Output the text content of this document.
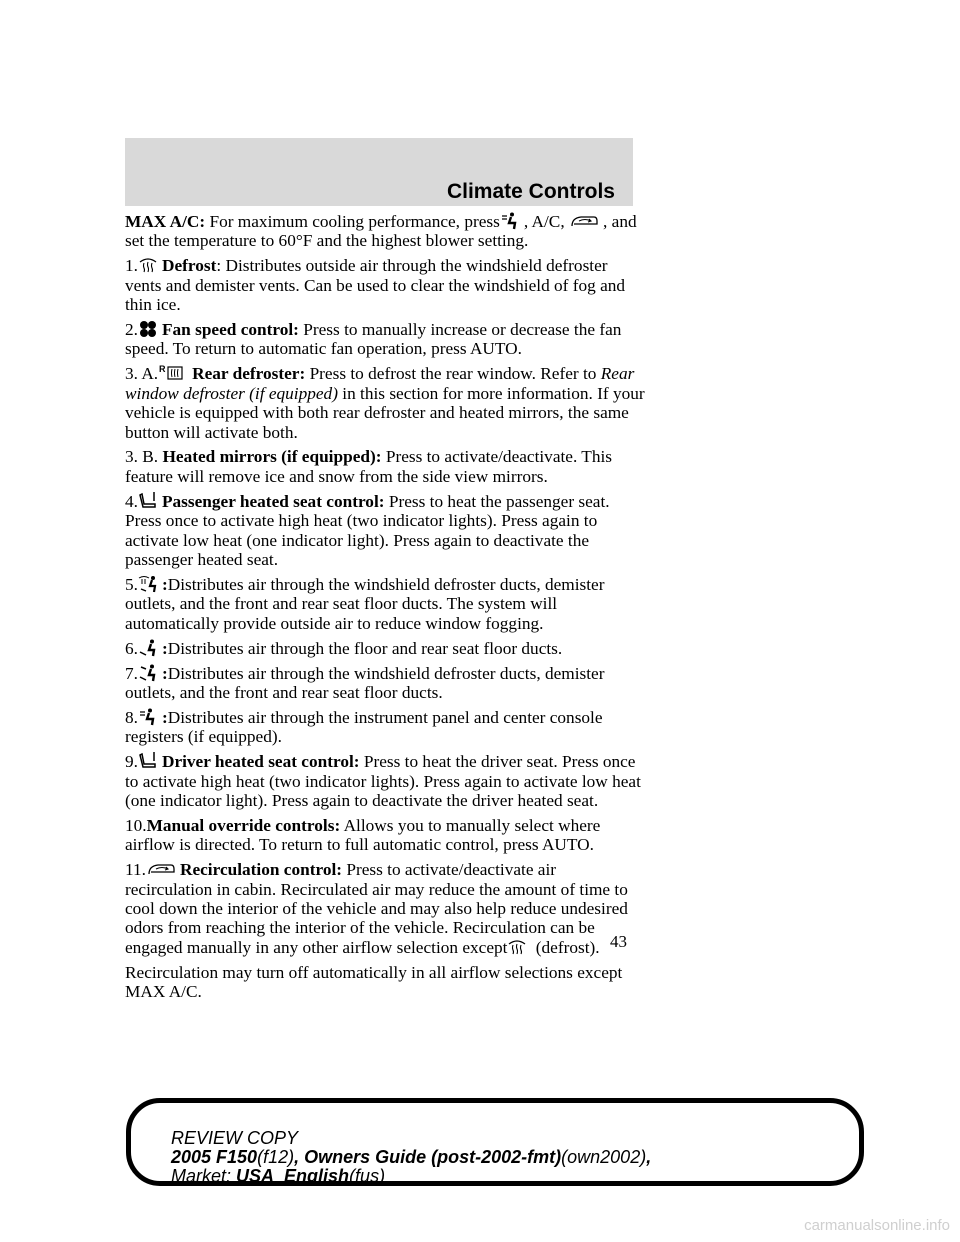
Climate Controls

MAX A/C: For maximum cooling performance, press , A/C, , and set the temperature to 60°F and the highest blower setting.

1. Defrost: Distributes outside air through the windshield defroster vents and demister vents. Can be used to clear the windshield of fog and thin ice.

2. Fan speed control: Press to manually increase or decrease the fan speed. To return to automatic fan operation, press AUTO.

3. A. R Rear defroster: Press to defrost the rear window. Refer to Rear window defroster (if equipped) in this section for more information. If your vehicle is equipped with both rear defroster and heated mirrors, the same button will activate both.

3. B. Heated mirrors (if equipped): Press to activate/deactivate. This feature will remove ice and snow from the side view mirrors.

4. Passenger heated seat control: Press to heat the passenger seat. Press once to activate high heat (two indicator lights). Press again to activate low heat (one indicator light). Press again to deactivate the passenger heated seat.

5. :Distributes air through the windshield defroster ducts, demister outlets, and the front and rear seat floor ducts. The system will automatically provide outside air to reduce window fogging.

6. :Distributes air through the floor and rear seat floor ducts.

7. :Distributes air through the windshield defroster ducts, demister outlets, and the front and rear seat floor ducts.

8. :Distributes air through the instrument panel and center console registers (if equipped).

9. Driver heated seat control: Press to heat the driver seat. Press once to activate high heat (two indicator lights). Press again to activate low heat (one indicator light). Press again to deactivate the driver heated seat.

10.Manual override controls: Allows you to manually select where airflow is directed. To return to full automatic control, press AUTO.

11. Recirculation control: Press to activate/deactivate air recirculation in cabin. Recirculated air may reduce the amount of time to cool down the interior of the vehicle and may also help reduce undesired odors from reaching the interior of the vehicle. Recirculation can be engaged manually in any other airflow selection except (defrost).

Recirculation may turn off automatically in all airflow selections except MAX A/C.

43
REVIEW COPY
2005 F150(f12), Owners Guide (post-2002-fmt)(own2002),
Market: USA_English(fus)
carmanualsonline.info
